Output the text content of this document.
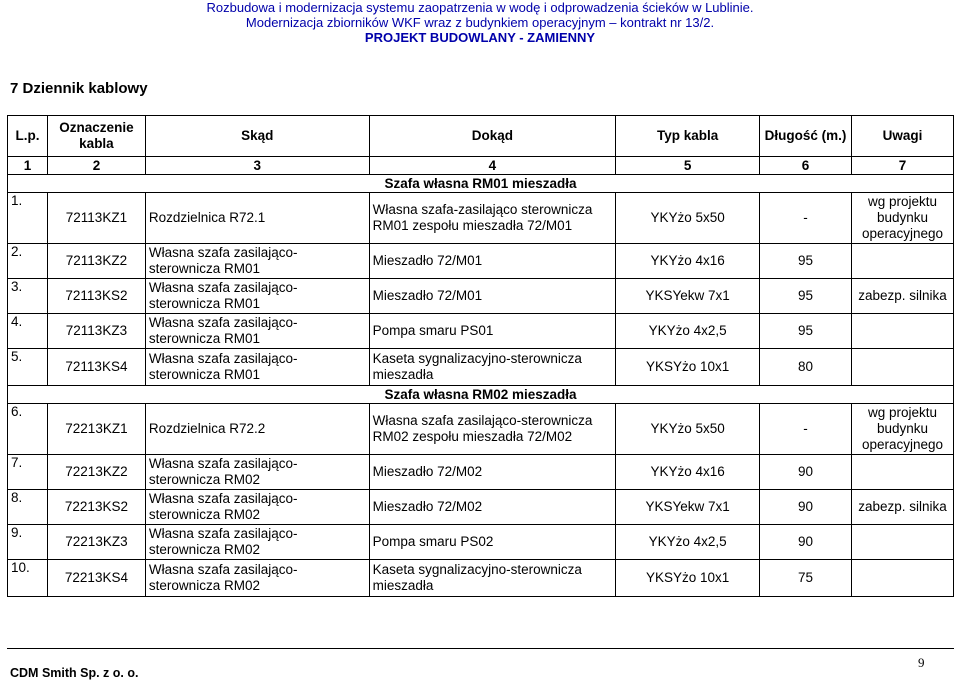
Rozbudowa i modernizacja systemu zaopatrzenia w wodę i odprowadzenia ścieków w Lublinie.
Modernizacja zbiorników WKF wraz z budynkiem operacyjnym – kontrakt nr 13/2.
PROJEKT BUDOWLANY - ZAMIENNY
7 Dziennik kablowy
L.p.	Oznaczenie kabla	Skąd	Dokąd	Typ kabla	Długość (m.)	Uwagi
1	2	3	4	5	6	7
Szafa własna RM01 mieszadła						
1.	72113KZ1	Rozdzielnica R72.1	Własna szafa-zasilająco sterownicza RM01 zespołu mieszadła 72/M01	YKYżo 5x50	-	wg projektu budynku operacyjnego
2.	72113KZ2	Własna szafa zasilająco-sterownicza RM01	Mieszadło 72/M01	YKYżo 4x16	95	
3.	72113KS2	Własna szafa zasilająco-sterownicza RM01	Mieszadło 72/M01	YKSYekw 7x1	95	zabezp. silnika
4.	72113KZ3	Własna szafa zasilająco-sterownicza RM01	Pompa smaru PS01	YKYżo 4x2,5	95	
5.	72113KS4	Własna szafa zasilająco-sterownicza RM01	Kaseta sygnalizacyjno-sterownicza mieszadła	YKSYżo 10x1	80	
Szafa własna RM02 mieszadła						
6.	72213KZ1	Rozdzielnica R72.2	Własna szafa zasilająco-sterownicza RM02 zespołu mieszadła 72/M02	YKYżo 5x50	-	wg projektu budynku operacyjnego
7.	72213KZ2	Własna szafa zasilająco-sterownicza RM02	Mieszadło 72/M02	YKYżo 4x16	90	
8.	72213KS2	Własna szafa zasilająco-sterownicza RM02	Mieszadło 72/M02	YKSYekw 7x1	90	zabezp. silnika
9.	72213KZ3	Własna szafa zasilająco-sterownicza RM02	Pompa smaru PS02	YKYżo 4x2,5	90	
10.	72213KS4	Własna szafa zasilająco-sterownicza RM02	Kaseta sygnalizacyjno-sterownicza mieszadła	YKSYżo 10x1	75	
CDM Smith Sp. z o. o.
9
